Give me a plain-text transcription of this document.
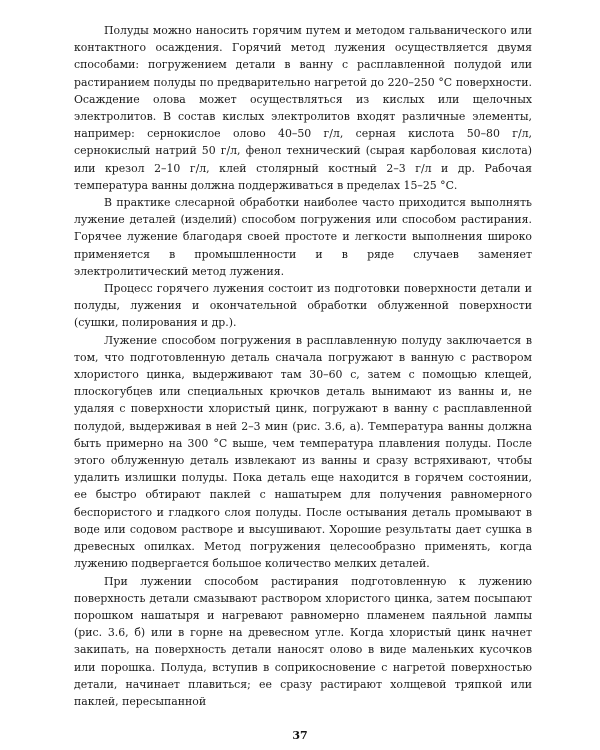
Полуды можно наносить горячим путем и методом гальванического или контактного осаждения. Горячий метод лужения осуществляется двумя способами: погружением детали в ванну с расплавленной полудой или растиранием полуды по предварительно нагретой до 220–250 °С поверхности. Осаждение олова может осуществляться из кислых или щелочных электролитов. В состав кислых электролитов входят различные элементы, например: сернокислое олово 40–50 г/л, серная кислота 50–80 г/л, сернокислый натрий 50 г/л, фенол технический (сырая карболовая кислота) или крезол 2–10 г/л, клей столярный костный 2–3 г/л и др. Рабочая температура ванны должна поддерживаться в пределах 15–25 °С.

В практике слесарной обработки наиболее часто приходится выполнять лужение деталей (изделий) способом погружения или способом растирания. Горячее лужение благодаря своей простоте и легкости выполнения широко применяется в промышленности и в ряде случаев заменяет электролитический метод лужения.

Процесс горячего лужения состоит из подготовки поверхности детали и полуды, лужения и окончательной обработки облуженной поверхности (сушки, полирования и др.).

Лужение способом погружения в расплавленную полуду заключается в том, что подготовленную деталь сначала погружают в ванную с раствором хлористого цинка, выдерживают там 30–60 с, затем с помощью клещей, плоскогубцев или специальных крючков деталь вынимают из ванны и, не удаляя с поверхности хлористый цинк, погружают в ванну с расплавленной полудой, выдерживая в ней 2–3 мин (рис. 3.6, а). Температура ванны должна быть примерно на 300 °С выше, чем температура плавления полуды. После этого облуженную деталь извлекают из ванны и сразу встряхивают, чтобы удалить излишки полуды. Пока деталь еще находится в горячем состоянии, ее быстро обтирают паклей с нашатырем для получения равномерного беспористого и гладкого слоя полуды. После остывания деталь промывают в воде или содовом растворе и высушивают. Хорошие результаты дает сушка в древесных опилках. Метод погружения целесообразно применять, когда лужению подвергается большое количество мелких деталей.

При лужении способом растирания подготовленную к лужению поверхность детали смазывают раствором хлористого цинка, затем посыпают порошком нашатыря и нагревают равномерно пламенем паяльной лампы (рис. 3.6, б) или в горне на древесном угле. Когда хлористый цинк начнет закипать, на поверхность детали наносят олово в виде маленьких кусочков или порошка. Полуда, вступив в соприкосновение с нагретой поверхностью детали, начинает плавиться; ее сразу растирают холщевой тряпкой или паклей, пересыпанной

37
